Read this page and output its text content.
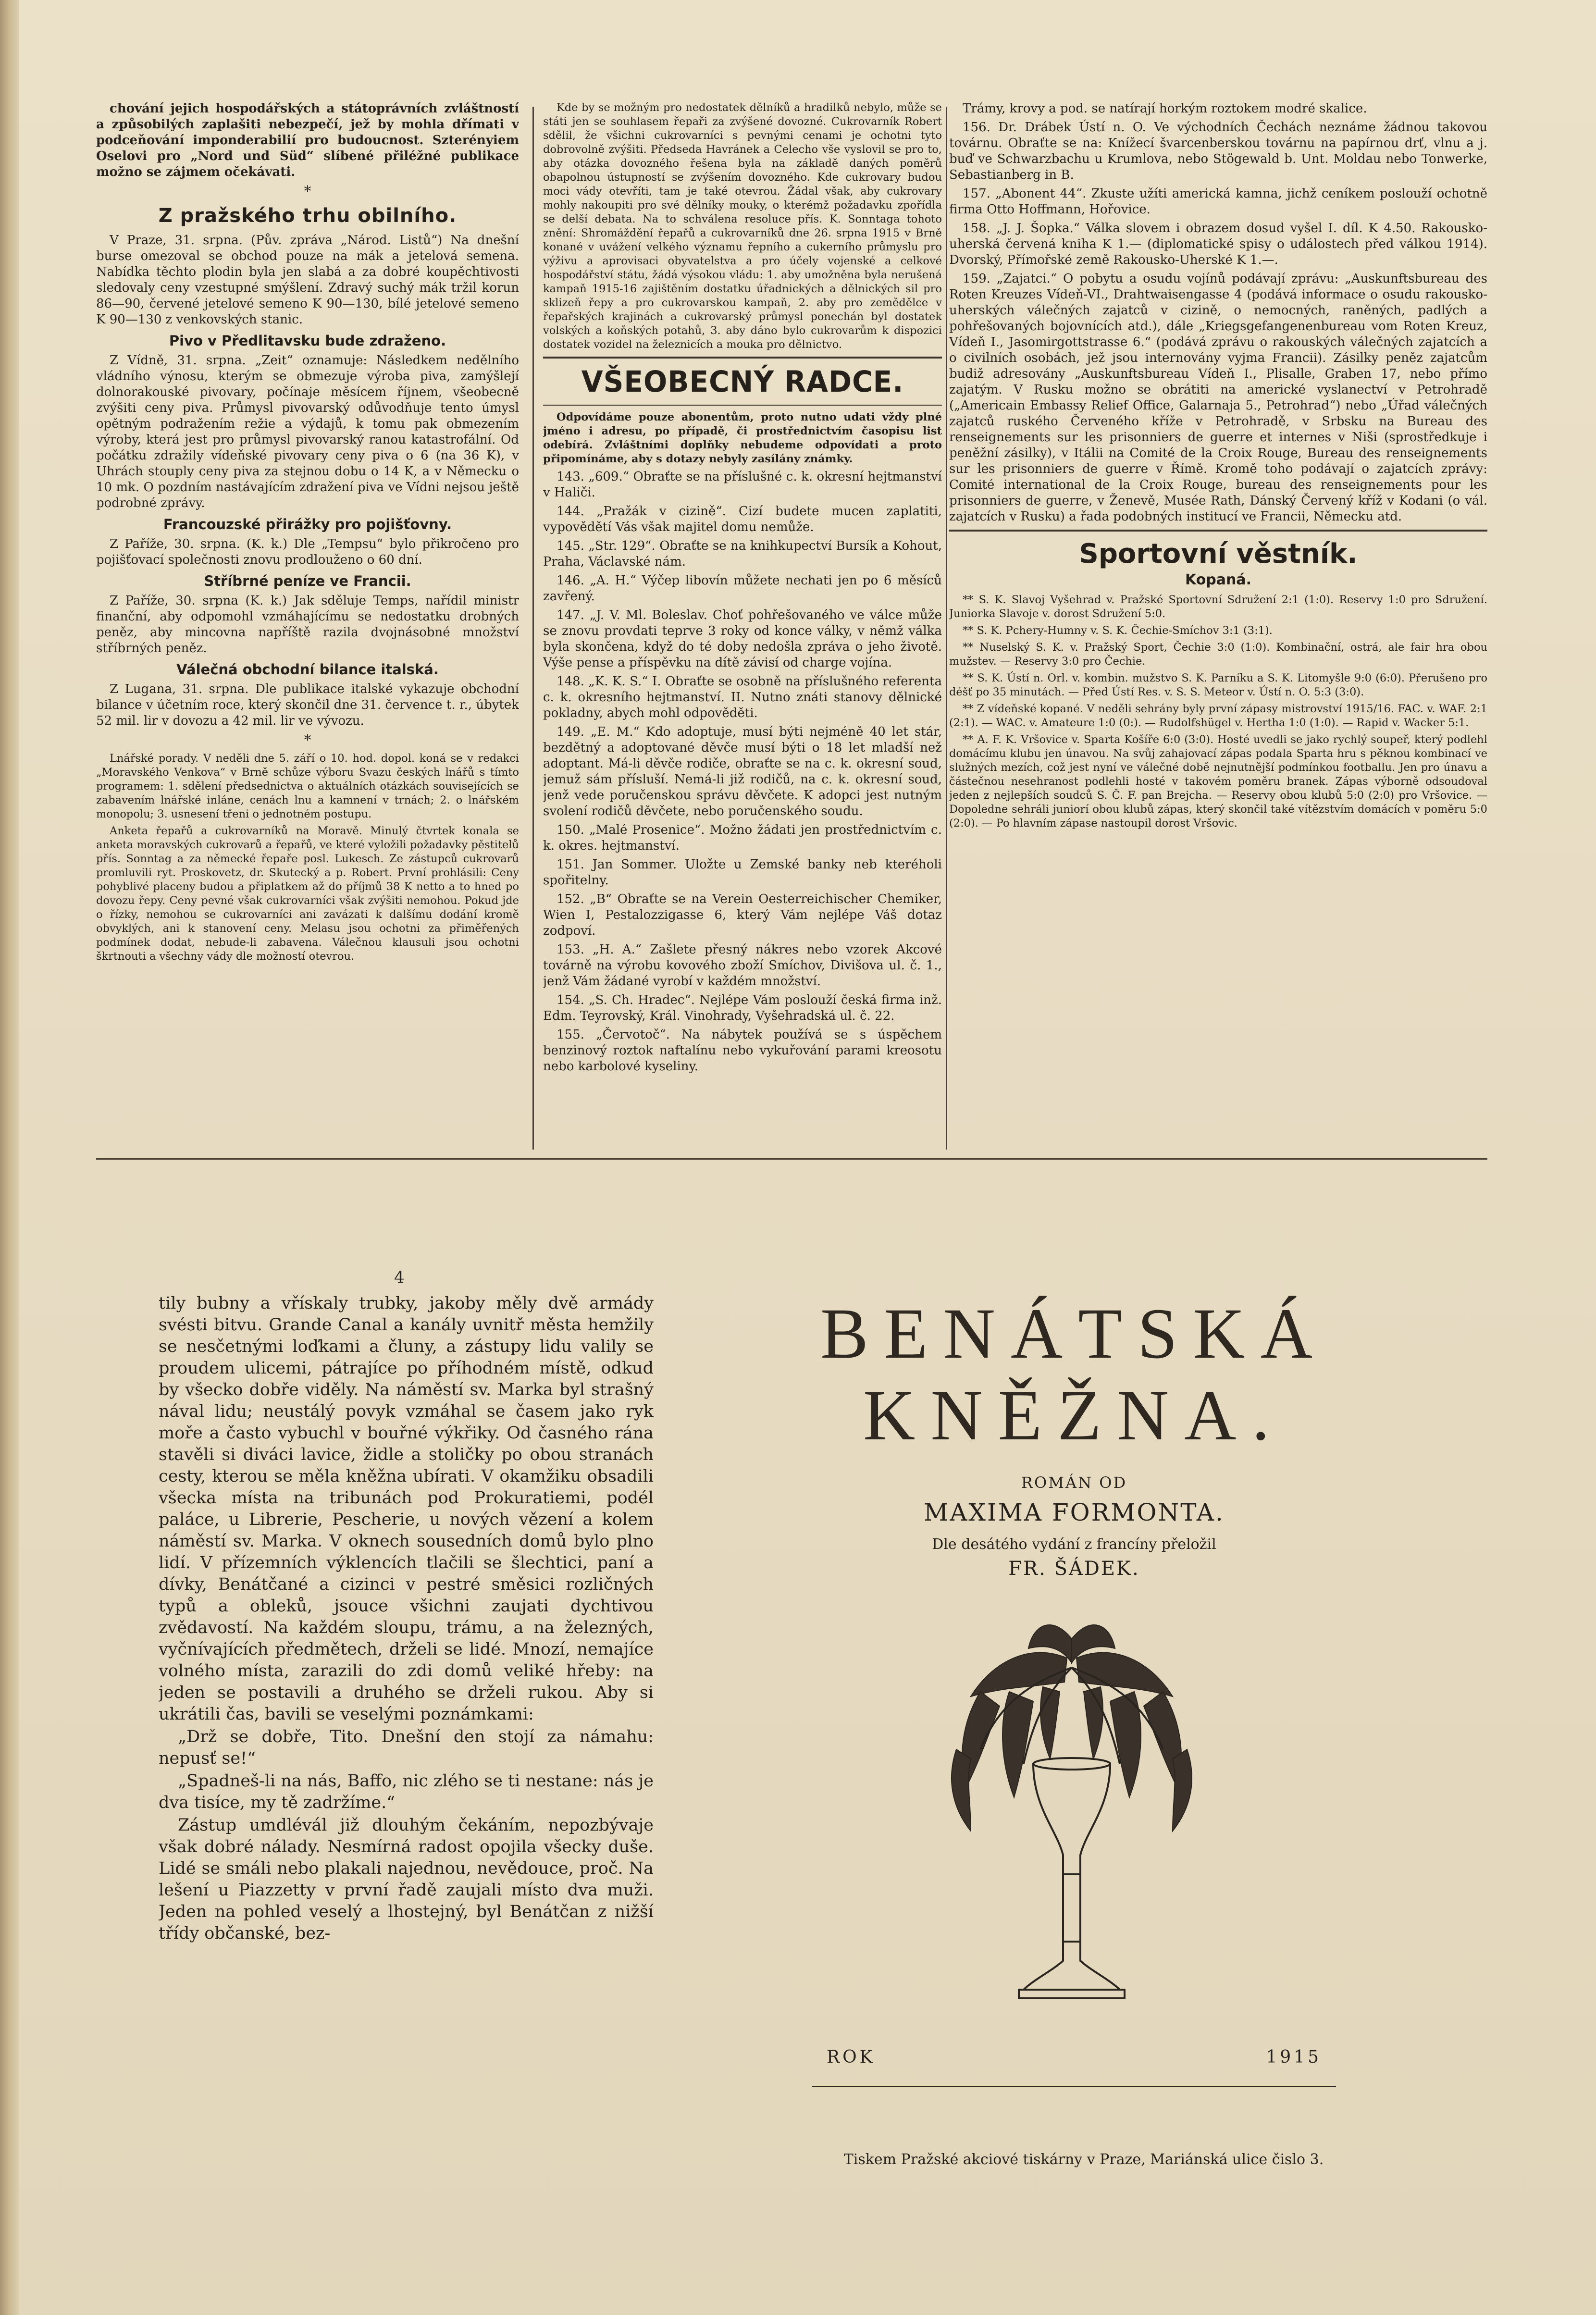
chování jejich hospodářských a státoprávních zvláštností a způsobilých zaplašiti nebezpečí, jež by mohla dřímati v podceňování imponderabilií pro budoucnost. Szterényiem Oselovi pro „Nord und Süd“ slíbené přiléžné publikace možno se zájmem očekávati.

*
Z pražského trhu obilního.

V Praze, 31. srpna. (Pův. zpráva „Národ. Listů“) Na dnešní burse omezoval se obchod pouze na mák a jetelová semena. Nabídka těchto plodin byla jen slabá a za dobré koupěchtivosti sledovaly ceny vzestupné smýšlení. Zdravý suchý mák tržil korun 86—90, červené jetelové semeno K 90—130, bílé jetelové semeno K 90—130 z venkovských stanic.

Pivo v Předlitavsku bude zdraženo.

Z Vídně, 31. srpna. „Zeit“ oznamuje: Následkem nedělního vládního výnosu, kterým se obmezuje výroba piva, zamýšlejí dolnorakouské pivovary, počínaje měsícem říjnem, všeobecně zvýšiti ceny piva. Průmysl pivovarský odůvodňuje tento úmysl opětným podražením režie a výdajů, k tomu pak obmezením výroby, která jest pro průmysl pivovarský ranou katastrofální. Od počátku zdražily vídeňské pivovary ceny piva o 6 (na 36 K), v Uhrách stouply ceny piva za stejnou dobu o 14 K, a v Německu o 10 mk. O pozdním nastávajícím zdražení piva ve Vídni nejsou ještě podrobné zprávy.

Francouzské přirážky pro pojišťovny.

Z Paříže, 30. srpna. (K. k.) Dle „Tempsu“ bylo přikročeno pro pojišťovací společnosti znovu prodlouženo o 60 dní.

Stříbrné peníze ve Francii.

Z Paříže, 30. srpna (K. k.) Jak sděluje Temps, nařídil ministr finanční, aby odpomohl vzmáhajícímu se nedostatku drobných peněz, aby mincovna napříště razila dvojnásobné množství stříbrných peněz.

Válečná obchodní bilance italská.

Z Lugana, 31. srpna. Dle publikace italské vykazuje obchodní bilance v účetním roce, který skončil dne 31. července t. r., úbytek 52 mil. lir v dovozu a 42 mil. lir ve vývozu.

*

Lnářské porady. V neděli dne 5. září o 10. hod. dopol. koná se v redakci „Moravského Venkova“ v Brně schůze výboru Svazu českých lnářů s tímto programem: 1. sdělení předsednictva o aktuálních otázkách souvisejících se zabavením lnářské inláne, cenách lnu a kamnení v trnách; 2. o lnářském monopolu; 3. usnesení třeni o jednotném postupu.

Anketa řepařů a cukrovarníků na Moravě. Minulý čtvrtek konala se anketa moravských cukrovarů a řepařů, ve které vyložili požadavky pěstitelů přís. Sonntag a za německé řepaře posl. Lukesch. Ze zástupců cukrovarů promluvili ryt. Proskovetz, dr. Skutecký a p. Robert. První prohlásili: Ceny pohyblivé placeny budou a připlatkem až do příjmů 38 K netto a to hned po dovozu řepy. Ceny pevné však cukrovarníci však zvýšiti nemohou. Pokud jde o řízky, nemohou se cukrovarníci ani zavázati k dalšímu dodání kromě obvyklých, ani k stanovení ceny. Melasu jsou ochotni za přiměřených podmínek dodat, nebude-li zabavena. Válečnou klausuli jsou ochotni škrtnouti a všechny vády dle možností otevrou.

Kde by se možným pro nedostatek dělníků a hradilků nebylo, může se státi jen se souhlasem řepaři za zvýšené dovozné. Cukrovarník Robert sdělil, že všichni cukrovarníci s pevnými cenami je ochotni tyto dobrovolně zvýšiti. Předseda Havránek a Celecho vše vyslovil se pro to, aby otázka dovozného řešena byla na základě daných poměrů obapolnou ústupností se zvýšením dovozného. Kde cukrovary budou moci vády otevříti, tam je také otevrou. Žádal však, aby cukrovary mohly nakoupiti pro své dělníky mouky, o kterémž požadavku zpořídla se delší debata. Na to schválena resoluce přís. K. Sonntaga tohoto znění: Shromáždění řepařů a cukrovarníků dne 26. srpna 1915 v Brně konané v uvážení velkého významu řepního a cukerního průmyslu pro výživu a aprovisaci obyvatelstva a pro účely vojenské a celkové hospodářství státu, žádá výsokou vládu: 1. aby umožněna byla nerušená kampaň 1915-16 zajištěním dostatku úřadnických a dělnických sil pro sklizeň řepy a pro cukrovarskou kampaň, 2. aby pro zemědělce v řepařských krajinách a cukrovarský průmysl ponechán byl dostatek volských a koňských potahů, 3. aby dáno bylo cukrovarům k dispozici dostatek vozidel na železnicích a mouka pro dělnictvo.

VŠEOBECNÝ RADCE.

Odpovídáme pouze abonentům, proto nutno udati vždy plné jméno i adresu, po případě, či prostřednictvím časopisu list odebírá. Zvláštními doplňky nebudeme odpovídati a proto připomínáme, aby s dotazy nebyly zasílány známky.

143. „609.“ Obraťte se na příslušné c. k. okresní hejtmanství v Haliči.

144. „Pražák v cizině“. Cizí budete mucen zaplatiti, vypovědětí Vás však majitel domu nemůže.

145. „Str. 129“. Obraťte se na knihkupectví Bursík a Kohout, Praha, Václavské nám.

146. „A. H.“ Výčep libovín můžete nechati jen po 6 měsíců zavřený.

147. „J. V. Ml. Boleslav. Choť pohřešovaného ve válce může se znovu provdati teprve 3 roky od konce války, v němž válka byla skončena, když do té doby nedošla zpráva o jeho životě. Výše pense a příspěvku na dítě závisí od charge vojína.

148. „K. K. S.“ I. Obraťte se osobně na příslušného referenta c. k. okresního hejtmanství. II. Nutno znáti stanovy dělnické pokladny, abych mohl odpověděti.

149. „E. M.“ Kdo adoptuje, musí býti nejméně 40 let stár, bezdětný a adoptované děvče musí býti o 18 let mladší než adoptant. Má-li děvče rodiče, obraťte se na c. k. okresní soud, jemuž sám přísluší. Nemá-li již rodičů, na c. k. okresní soud, jenž vede poručenskou správu děvčete. K adopci jest nutným svolení rodičů děvčete, nebo poručenského soudu.

150. „Malé Prosenice“. Možno žádati jen prostřednictvím c. k. okres. hejtmanství.

151. Jan Sommer. Uložte u Zemské banky neb kteréholi spořitelny.

152. „B“ Obraťte se na Verein Oesterreichischer Chemiker, Wien I, Pestalozzigasse 6, který Vám nejlépe Váš dotaz zodpoví.

153. „H. A.“ Zašlete přesný nákres nebo vzorek Akcové továrně na výrobu kovového zboží Smíchov, Divišova ul. č. 1., jenž Vám žádané vyrobí v každém množství.

154. „S. Ch. Hradec“. Nejlépe Vám poslouží česká firma inž. Edm. Teyrovský, Král. Vinohrady, Vyšehradská ul. č. 22.

155. „Červotoč“. Na nábytek používá se s úspěchem benzinový roztok naftalínu nebo vykuřování parami kreosotu nebo karbolové kyseliny.

Trámy, krovy a pod. se natírají horkým roztokem modré skalice.

156. Dr. Drábek Ústí n. O. Ve východních Čechách neznáme žádnou takovou továrnu. Obraťte se na: Knížecí švarcenberskou továrnu na papírnou drť, vlnu a j. buď ve Schwarzbachu u Krumlova, nebo Stögewald b. Unt. Moldau nebo Tonwerke, Sebastianberg in B.

157. „Abonent 44“. Zkuste užíti americká kamna, jichž ceníkem poslouží ochotně firma Otto Hoffmann, Hořovice.

158. „J. J. Šopka.“ Válka slovem i obrazem dosud vyšel I. díl. K 4.50. Rakousko-uherská červená kniha K 1.— (diplomatické spisy o událostech před válkou 1914). Dvorský, Přímořské země Rakousko-Uherské K 1.—.

159. „Zajatci.“ O pobytu a osudu vojínů podávají zprávu: „Auskunftsbureau des Roten Kreuzes Vídeň-VI., Drahtwaisengasse 4 (podává informace o osudu rakousko-uherských válečných zajatců v cizině, o nemocných, raněných, padlých a pohřešovaných bojovnících atd.), dále „Kriegsgefangenenbureau vom Roten Kreuz, Vídeň I., Jasomirgottstrasse 6.“ (podává zprávu o rakouských válečných zajatcích a o civilních osobách, jež jsou internovány vyjma Francii). Zásilky peněz zajatcům budiž adresovány „Auskunftsbureau Vídeň I., Plisalle, Graben 17, nebo přímo zajatým. V Rusku možno se obrátiti na americké vyslanectví v Petrohradě („Americain Embassy Relief Office, Galarnaja 5., Petrohrad“) nebo „Úřad válečných zajatců ruského Červeného kříže v Petrohradě, v Srbsku na Bureau des renseignements sur les prisonniers de guerre et internes v Niši (sprostředkuje i peněžní zásilky), v Itálii na Comité de la Croix Rouge, Bureau des renseignements sur les prisonniers de guerre v Římě. Kromě toho podávají o zajatcích zprávy: Comité international de la Croix Rouge, bureau des renseignements pour les prisonniers de guerre, v Ženevě, Musée Rath, Dánský Červený kříž v Kodani (o vál. zajatcích v Rusku) a řada podobných institucí ve Francii, Německu atd.

Sportovní věstník.
Kopaná.

** S. K. Slavoj Vyšehrad v. Pražské Sportovní Sdružení 2:1 (1:0). Reservy 1:0 pro Sdružení. Juniorka Slavoje v. dorost Sdružení 5:0.

** S. K. Pchery-Humny v. S. K. Čechie-Smíchov 3:1 (3:1).

** Nuselský S. K. v. Pražský Sport, Čechie 3:0 (1:0). Kombinační, ostrá, ale fair hra obou mužstev. — Reservy 3:0 pro Čechie.

** S. K. Ústí n. Orl. v. kombin. mužstvo S. K. Parníku a S. K. Litomyšle 9:0 (6:0). Přerušeno pro déšť po 35 minutách. — Před Ústí Res. v. S. S. Meteor v. Ústí n. O. 5:3 (3:0).

** Z vídeňské kopané. V neděli sehrány byly první zápasy mistrovství 1915/16. FAC. v. WAF. 2:1 (2:1). — WAC. v. Amateure 1:0 (0:). — Rudolfshügel v. Hertha 1:0 (1:0). — Rapid v. Wacker 5:1.

** A. F. K. Vršovice v. Sparta Košíře 6:0 (3:0). Hosté uvedli se jako rychlý soupeř, který podlehl domácímu klubu jen únavou. Na svůj zahajovací zápas podala Sparta hru s pěknou kombinací ve služných mezích, což jest nyní ve válečné době nejnutnější podmínkou footballu. Jen pro únavu a částečnou nesehranost podlehli hosté v takovém poměru branek. Zápas výborně odsoudoval jeden z nejlepších soudců S. Č. F. pan Brejcha. — Reservy obou klubů 5:0 (2:0) pro Vršovice. — Dopoledne sehráli juniorí obou klubů zápas, který skončil také vítězstvím domácích v poměru 5:0 (2:0). — Po hlavním zápase nastoupil dorost Vršovic.

4

tily bubny a vřískaly trubky, jakoby měly dvě armády svésti bitvu. Grande Canal a kanály uvnitř města hemžily se nesčetnými loďkami a čluny, a zástupy lidu valily se proudem ulicemi, pátrajíce po příhodném místě, odkud by všecko dobře viděly. Na náměstí sv. Marka byl strašný nával lidu; neustálý povyk vzmáhal se časem jako ryk moře a často vybuchl v bouřné výkřiky. Od časného rána stavěli si diváci lavice, židle a stoličky po obou stranách cesty, kterou se měla kněžna ubírati. V okamžiku obsadili všecka místa na tribunách pod Prokuratiemi, podél paláce, u Librerie, Pescherie, u nových vězení a kolem náměstí sv. Marka. V oknech sousedních domů bylo plno lidí. V přízemních výklencích tlačili se šlechtici, paní a dívky, Benátčané a cizinci v pestré směsici rozličných typů a obleků, jsouce všichni zaujati dychtivou zvědavostí. Na každém sloupu, trámu, a na železných, vyčnívajících předmětech, drželi se lidé. Mnozí, nemajíce volného místa, zarazili do zdi domů veliké hřeby: na jeden se postavili a druhého se drželi rukou. Aby si ukrátili čas, bavili se veselými poznámkami:

„Drž se dobře, Tito. Dnešní den stojí za námahu: nepusť se!“

„Spadneš-li na nás, Baffo, nic zlého se ti nestane: nás je dva tisíce, my tě zadržíme.“

Zástup umdlévál již dlouhým čekáním, nepozbývaje však dobré nálady. Nesmírná radost opojila všecky duše. Lidé se smáli nebo plakali najednou, nevědouce, proč. Na lešení u Piazzetty v první řadě zaujali místo dva muži. Jeden na pohled veselý a lhostejný, byl Benátčan z nižší třídy občanské, bez-

BENÁTSKÁ
KNĚŽNA.
ROMÁN OD
MAXIMA FORMONTA.
Dle desátého vydání z francíny přeložil
FR. ŠÁDEK.
ROK	1915
Tiskem Pražské akciové tiskárny v Praze, Mariánská ulice čislo 3.
